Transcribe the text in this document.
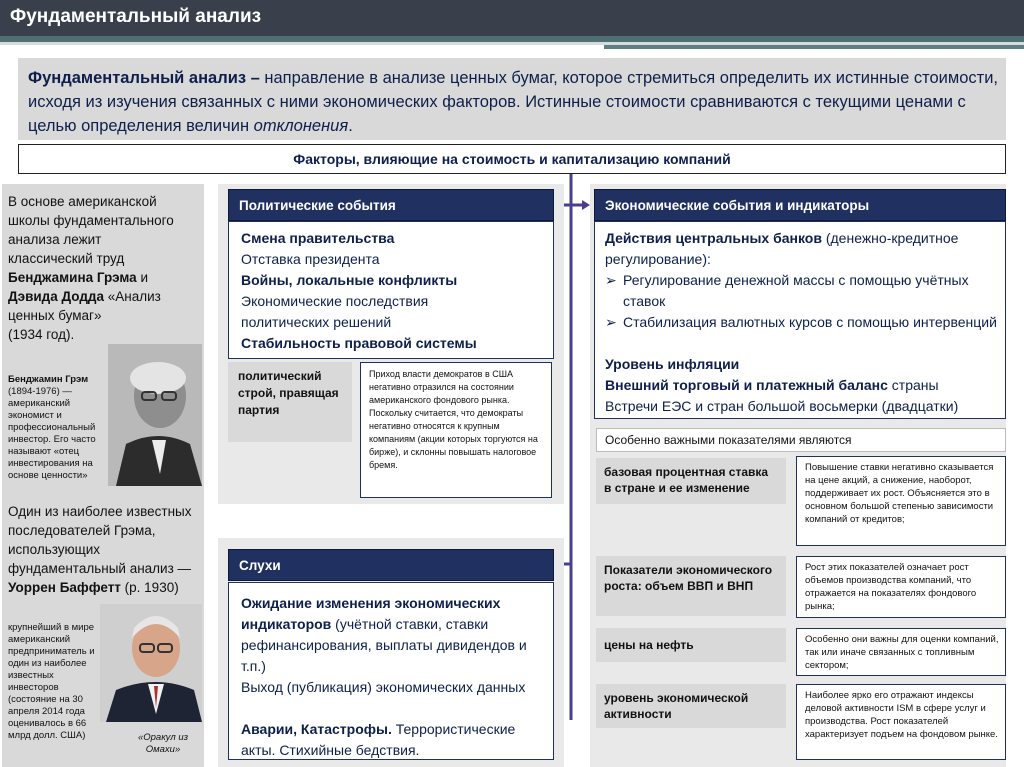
Фундаментальный анализ

Фундаментальный анализ – направление в анализе ценных бумаг, которое стремиться определить их истинные стоимости, исходя из изучения связанных с ними экономических факторов. Истинные стоимости сравниваются с текущими ценами с целью определения величин отклонения.

Факторы, влияющие на стоимость и капитализацию компаний
В основе американской школы фундаментального анализа лежит классический труд Бенджамина Грэма и Дэвида Додда «Анализ ценных бумаг»
(1934 год).
Бенджамин Грэм
(1894-1976) — американский экономист и профессиональный инвестор. Его часто называют «отец инвестирования на основе ценности»
Один из наиболее известных последователей Грэма, использующих фундаментальный анализ — Уоррен Баффетт (р. 1930)
крупнейший в мире американский предприниматель и один из наиболее известных инвесторов (состояние на 30 апреля 2014 года оценивалось в 66 млрд долл. США)	«Оракул из Омахи»
Политические события

Смена правительства

Отставка президента

Войны, локальные конфликты

Экономические последствия

политических решений

Стабильность правовой системы

политический строй, правящая партия

Приход власти демократов в США негативно отразился на состоянии американского фондового рынка. Поскольку считается, что демократы негативно относятся к крупным компаниям (акции которых торгуются на бирже), и склонны повышать налоговое бремя.

Слухи

Ожидание изменения экономических индикаторов (учётной ставки, ставки рефинансирования, выплаты дивидендов и т.п.)

Выход (публикация) экономических данных

Аварии, Катастрофы. Террористические акты. Стихийные бедствия.

Экономические события и индикаторы

Действия центральных банков (денежно-кредитное регулирование):

➢ Регулирование денежной массы с помощью учётных ставок

➢ Стабилизация валютных курсов с помощью интервенций

Уровень инфляции

Внешний торговый и платежный баланс страны

Встречи ЕЭС и стран большой восьмерки (двадцатки)

Особенно важными показателями являются

базовая процентная ставка в стране и ее изменение

Повышение ставки негативно сказывается на цене акций, а снижение, наоборот, поддерживает их рост. Объясняется это в основном большой степенью зависимости компаний от кредитов;

Показатели экономического роста: объем ВВП и ВНП

Рост этих показателей означает рост объемов производства компаний, что отражается на показателях фондового рынка;

цены на нефть	Особенно они важны для оценки компаний, так или иначе связанных с топливным сектором;

уровень экономической активности

Наиболее ярко его отражают индексы деловой активности ISM в сфере услуг и производства. Рост показателей характеризует подъем на фондовом рынке.
